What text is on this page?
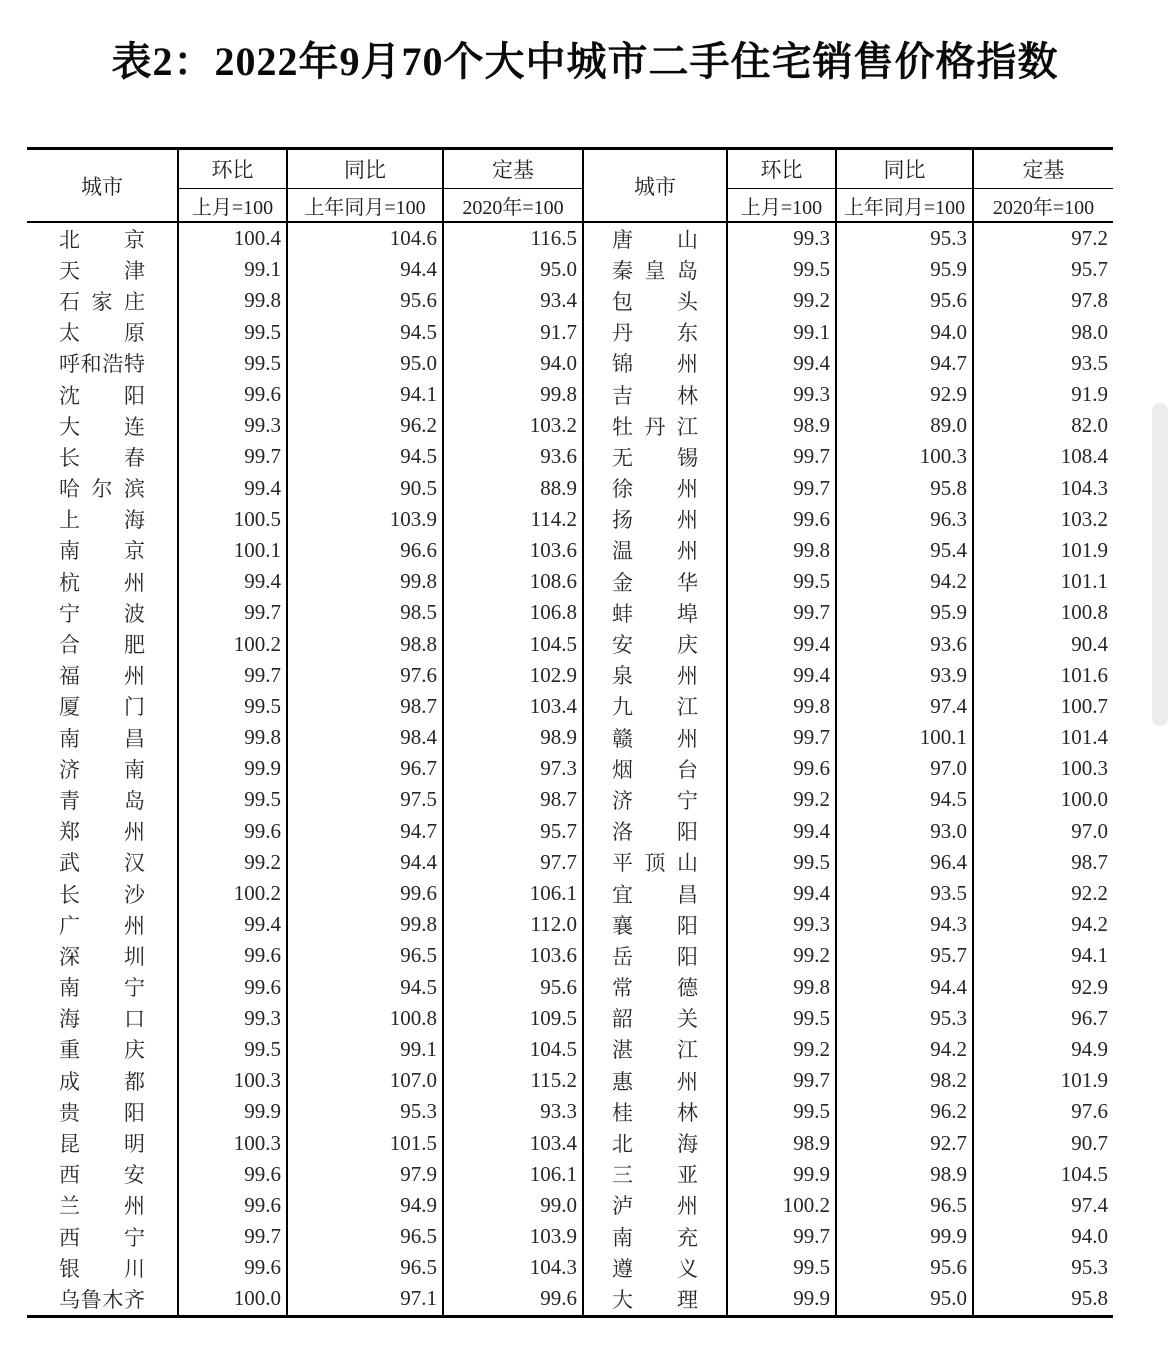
表2：2022年9月70个大中城市二手住宅销售价格指数
城市	环比	同比	定基	城市	环比	同比	定基
	上月=100	上年同月=100	2020年=100		上月=100	上年同月=100	2020年=100

北京	100.4	104.6	116.5	唐山	99.3	95.3	97.2

天津	99.1	94.4	95.0	秦皇岛	99.5	95.9	95.7

石家庄	99.8	95.6	93.4	包头	99.2	95.6	97.8

太原	99.5	94.5	91.7	丹东	99.1	94.0	98.0

呼和浩特	99.5	95.0	94.0	锦州	99.4	94.7	93.5

沈阳	99.6	94.1	99.8	吉林	99.3	92.9	91.9

大连	99.3	96.2	103.2	牡丹江	98.9	89.0	82.0

长春	99.7	94.5	93.6	无锡	99.7	100.3	108.4

哈尔滨	99.4	90.5	88.9	徐州	99.7	95.8	104.3

上海	100.5	103.9	114.2	扬州	99.6	96.3	103.2

南京	100.1	96.6	103.6	温州	99.8	95.4	101.9

杭州	99.4	99.8	108.6	金华	99.5	94.2	101.1

宁波	99.7	98.5	106.8	蚌埠	99.7	95.9	100.8

合肥	100.2	98.8	104.5	安庆	99.4	93.6	90.4

福州	99.7	97.6	102.9	泉州	99.4	93.9	101.6

厦门	99.5	98.7	103.4	九江	99.8	97.4	100.7

南昌	99.8	98.4	98.9	赣州	99.7	100.1	101.4

济南	99.9	96.7	97.3	烟台	99.6	97.0	100.3

青岛	99.5	97.5	98.7	济宁	99.2	94.5	100.0

郑州	99.6	94.7	95.7	洛阳	99.4	93.0	97.0

武汉	99.2	94.4	97.7	平顶山	99.5	96.4	98.7

长沙	100.2	99.6	106.1	宜昌	99.4	93.5	92.2

广州	99.4	99.8	112.0	襄阳	99.3	94.3	94.2

深圳	99.6	96.5	103.6	岳阳	99.2	95.7	94.1

南宁	99.6	94.5	95.6	常德	99.8	94.4	92.9

海口	99.3	100.8	109.5	韶关	99.5	95.3	96.7

重庆	99.5	99.1	104.5	湛江	99.2	94.2	94.9

成都	100.3	107.0	115.2	惠州	99.7	98.2	101.9

贵阳	99.9	95.3	93.3	桂林	99.5	96.2	97.6

昆明	100.3	101.5	103.4	北海	98.9	92.7	90.7

西安	99.6	97.9	106.1	三亚	99.9	98.9	104.5

兰州	99.6	94.9	99.0	泸州	100.2	96.5	97.4

西宁	99.7	96.5	103.9	南充	99.7	99.9	94.0

银川	99.6	96.5	104.3	遵义	99.5	95.6	95.3

乌鲁木齐	100.0	97.1	99.6	大理	99.9	95.0	95.8
